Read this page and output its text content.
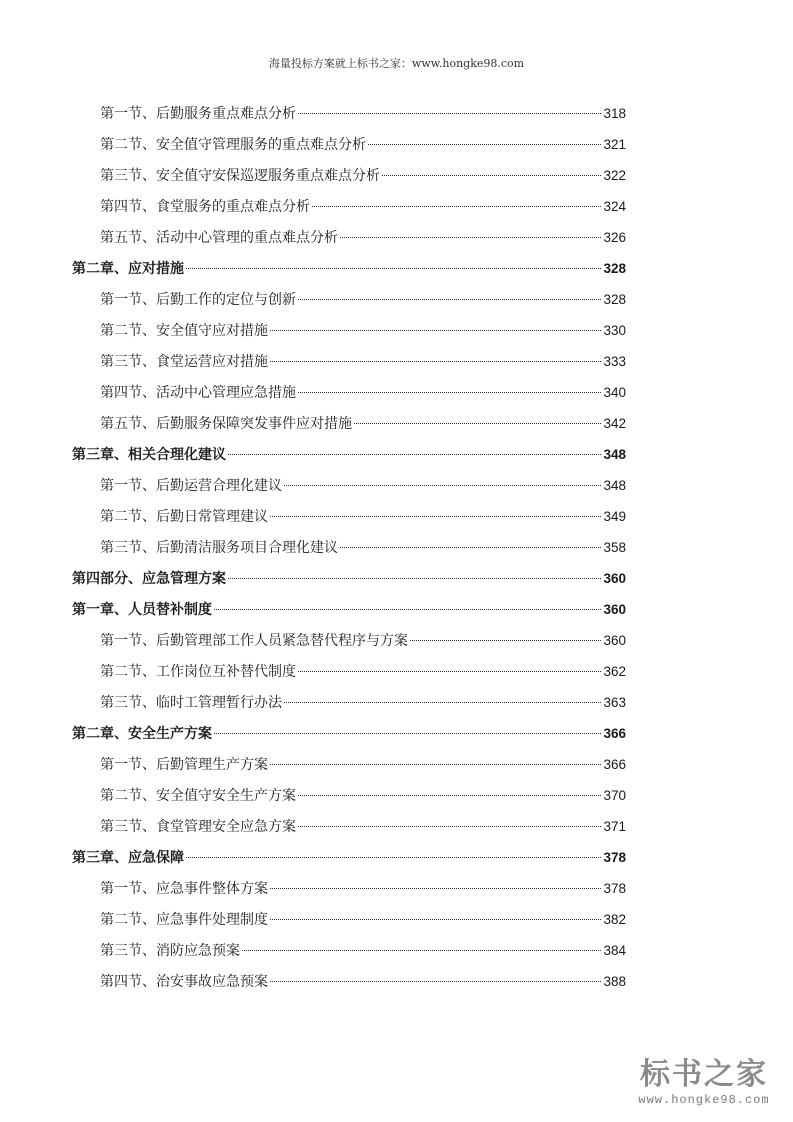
海量投标方案就上标书之家：www.hongke98.com
第一节、后勤服务重点难点分析	318
第二节、安全值守管理服务的重点难点分析	321
第三节、安全值守安保巡逻服务重点难点分析	322
第四节、食堂服务的重点难点分析	324
第五节、活动中心管理的重点难点分析	326
第二章、应对措施	328
第一节、后勤工作的定位与创新	328
第二节、安全值守应对措施	330
第三节、食堂运营应对措施	333
第四节、活动中心管理应急措施	340
第五节、后勤服务保障突发事件应对措施	342
第三章、相关合理化建议	348
第一节、后勤运营合理化建议	348
第二节、后勤日常管理建议	349
第三节、后勤清洁服务项目合理化建议	358
第四部分、应急管理方案	360
第一章、人员替补制度	360
第一节、后勤管理部工作人员紧急替代程序与方案	360
第二节、工作岗位互补替代制度	362
第三节、临时工管理暂行办法	363
第二章、安全生产方案	366
第一节、后勤管理生产方案	366
第二节、安全值守安全生产方案	370
第三节、食堂管理安全应急方案	371
第三章、应急保障	378
第一节、应急事件整体方案	378
第二节、应急事件处理制度	382
第三节、消防应急预案	384
第四节、治安事故应急预案	388
标书之家
www.hongke98.com
